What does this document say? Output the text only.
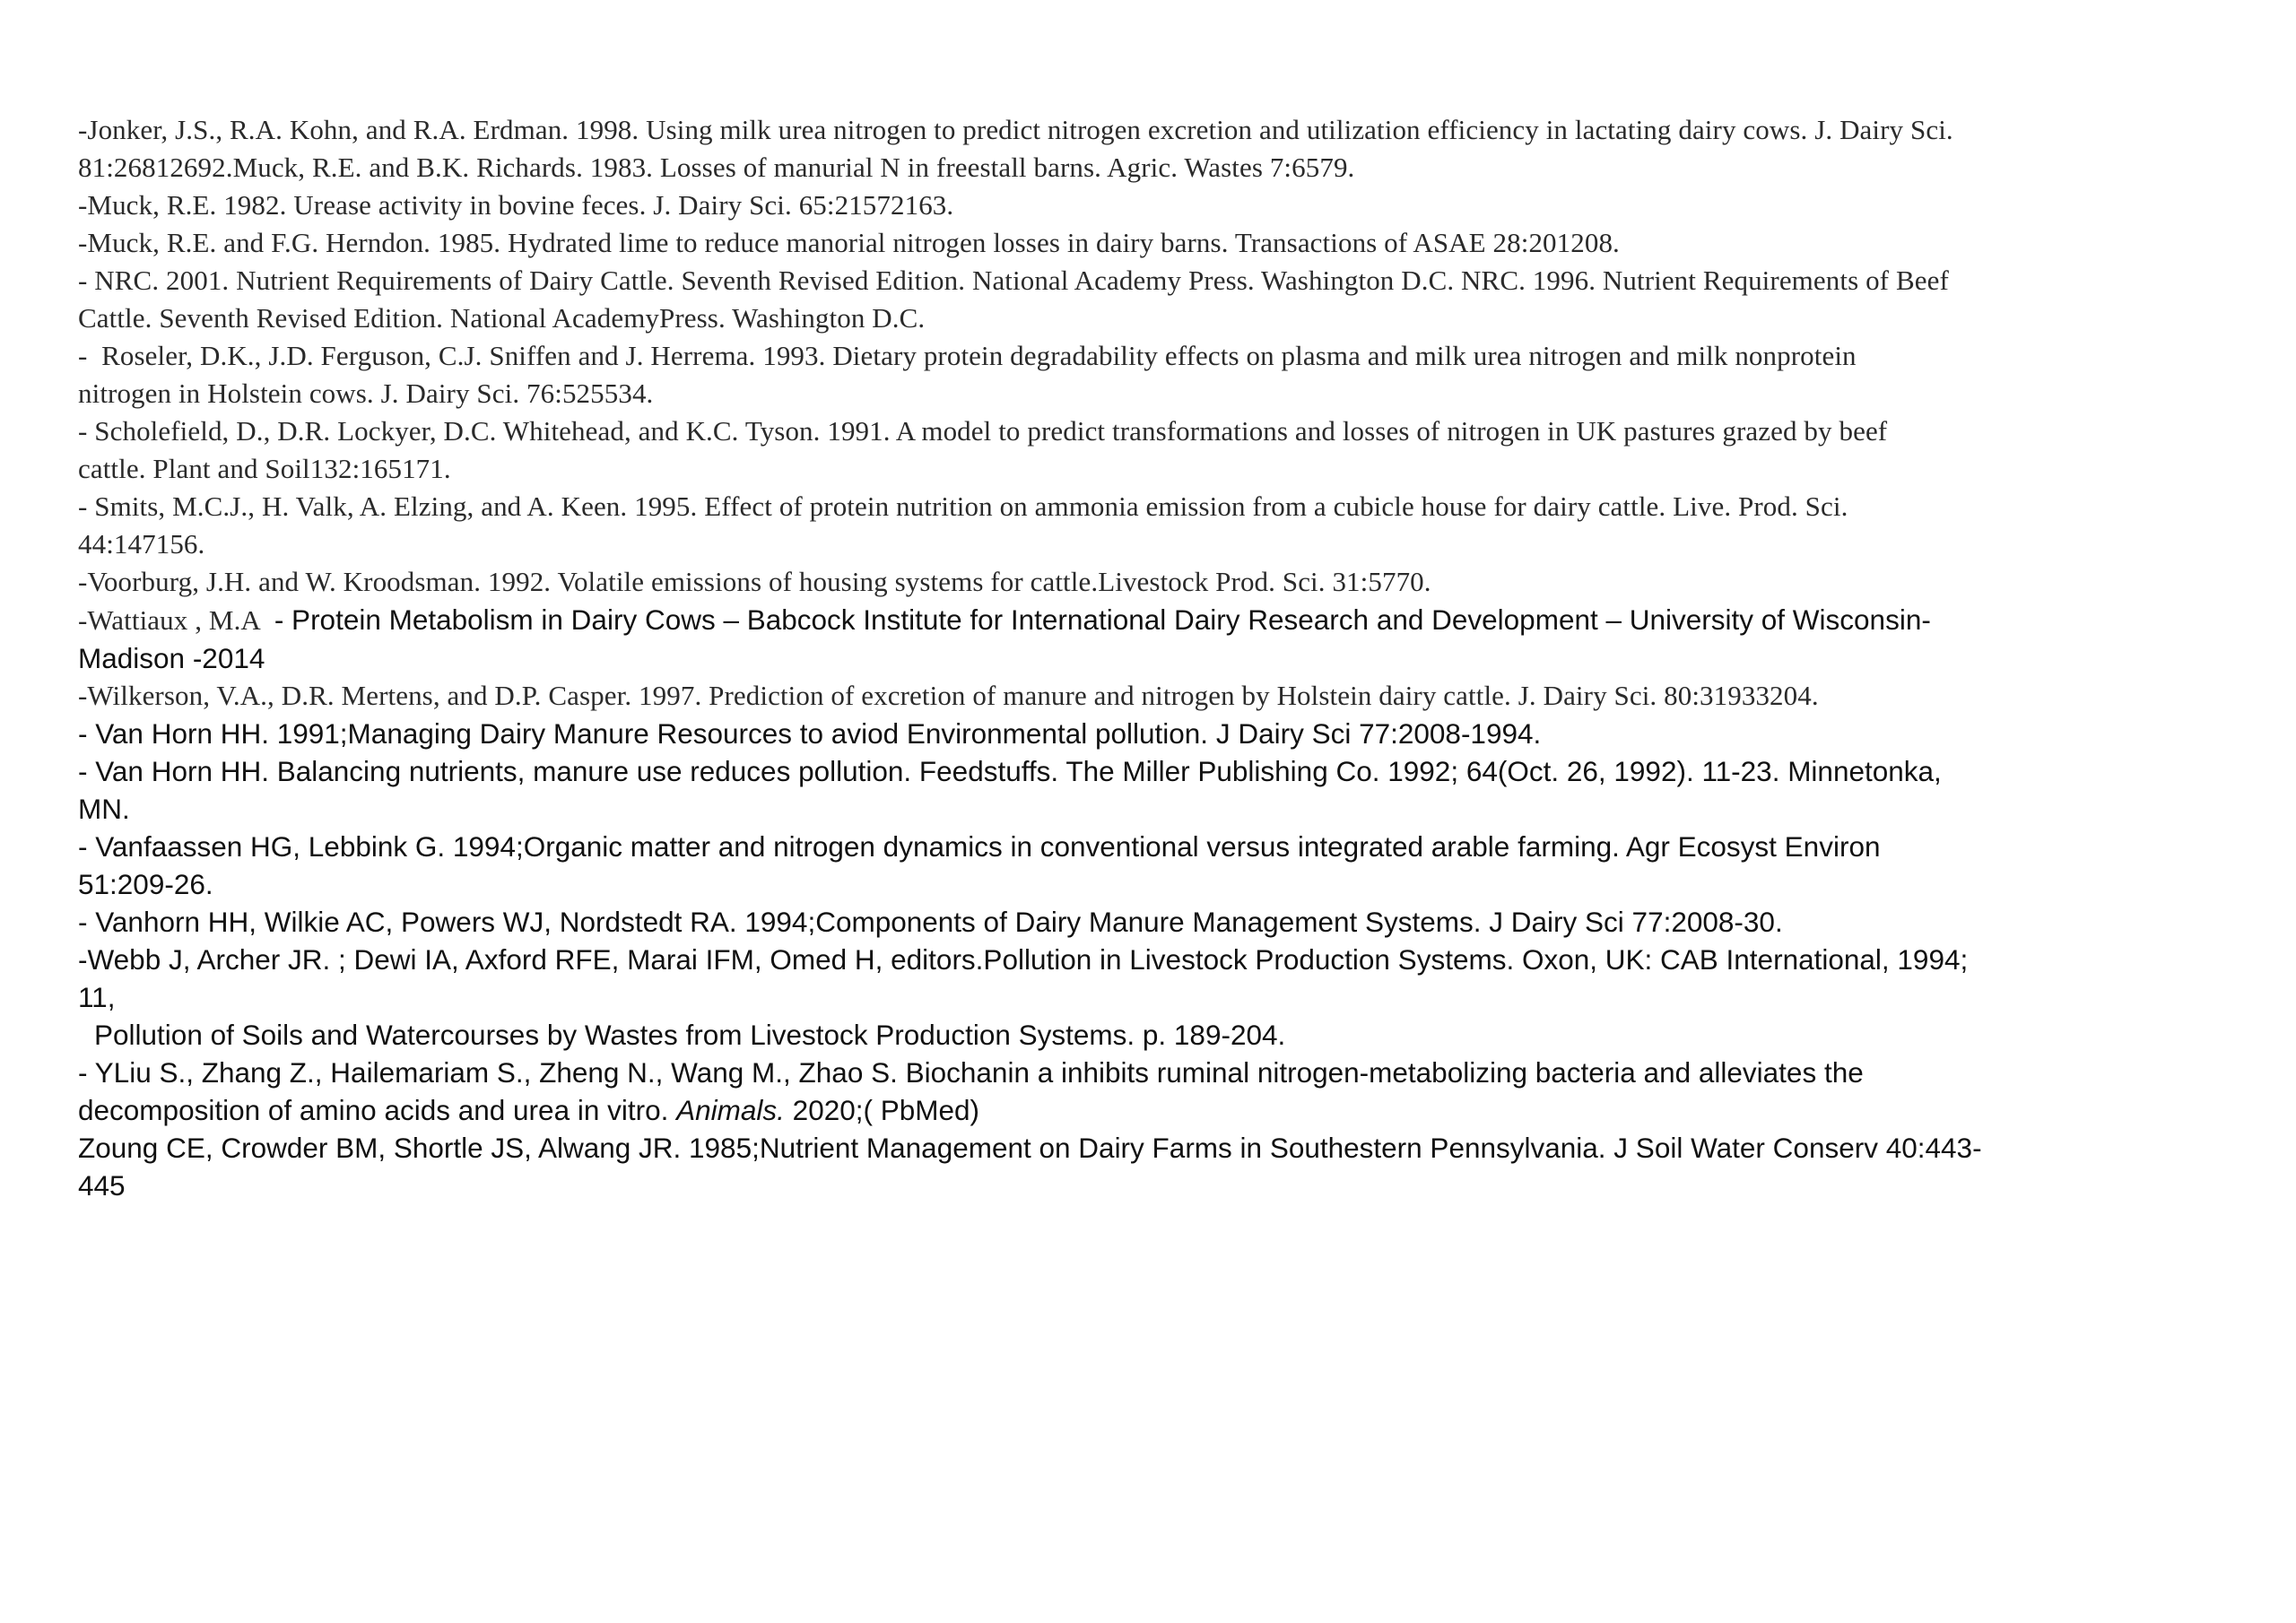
-Jonker, J.S., R.A. Kohn, and R.A. Erdman. 1998. Using milk urea nitrogen to predict nitrogen excretion and utilization efficiency in lactating dairy cows. J. Dairy Sci.
81:26812692.Muck, R.E. and B.K. Richards. 1983. Losses of manurial N in freestall barns. Agric. Wastes 7:6579.

-Muck, R.E. 1982. Urease activity in bovine feces. J. Dairy Sci. 65:21572163.

-Muck, R.E. and F.G. Herndon. 1985. Hydrated lime to reduce manorial nitrogen losses in dairy barns. Transactions of ASAE 28:201208.

- NRC. 2001. Nutrient Requirements of Dairy Cattle. Seventh Revised Edition. National Academy Press. Washington D.C. NRC. 1996. Nutrient Requirements of Beef
Cattle. Seventh Revised Edition. National AcademyPress. Washington D.C.

-  Roseler, D.K., J.D. Ferguson, C.J. Sniffen and J. Herrema. 1993. Dietary protein degradability effects on plasma and milk urea nitrogen and milk nonprotein
nitrogen in Holstein cows. J. Dairy Sci. 76:525534.

- Scholefield, D., D.R. Lockyer, D.C. Whitehead, and K.C. Tyson. 1991. A model to predict transformations and losses of nitrogen in UK pastures grazed by beef
cattle. Plant and Soil132:165171.

- Smits, M.C.J., H. Valk, A. Elzing, and A. Keen. 1995. Effect of protein nutrition on ammonia emission from a cubicle house for dairy cattle. Live. Prod. Sci.
44:147156.

-Voorburg, J.H. and W. Kroodsman. 1992. Volatile emissions of housing systems for cattle.Livestock Prod. Sci. 31:5770.

-Wattiaux , M.A  - Protein Metabolism in Dairy Cows – Babcock Institute for International Dairy Research and Development – University of Wisconsin-
Madison -2014

-Wilkerson, V.A., D.R. Mertens, and D.P. Casper. 1997. Prediction of excretion of manure and nitrogen by Holstein dairy cattle. J. Dairy Sci. 80:31933204.

- Van Horn HH. 1991;Managing Dairy Manure Resources to aviod Environmental pollution. J Dairy Sci 77:2008-1994.

- Van Horn HH. Balancing nutrients, manure use reduces pollution. Feedstuffs. The Miller Publishing Co. 1992; 64(Oct. 26, 1992). 11-23. Minnetonka,
MN.

- Vanfaassen HG, Lebbink G. 1994;Organic matter and nitrogen dynamics in conventional versus integrated arable farming. Agr Ecosyst Environ
51:209-26.

- Vanhorn HH, Wilkie AC, Powers WJ, Nordstedt RA. 1994;Components of Dairy Manure Management Systems. J Dairy Sci 77:2008-30.

-Webb J, Archer JR. ; Dewi IA, Axford RFE, Marai IFM, Omed H, editors.Pollution in Livestock Production Systems. Oxon, UK: CAB International, 1994;
11,

Pollution of Soils and Watercourses by Wastes from Livestock Production Systems. p. 189-204.

- YLiu S., Zhang Z., Hailemariam S., Zheng N., Wang M., Zhao S. Biochanin a inhibits ruminal nitrogen-metabolizing bacteria and alleviates the
decomposition of amino acids and urea in vitro. Animals. 2020;( PbMed)

Zoung CE, Crowder BM, Shortle JS, Alwang JR. 1985;Nutrient Management on Dairy Farms in Southestern Pennsylvania. J Soil Water Conserv 40:443-
445
